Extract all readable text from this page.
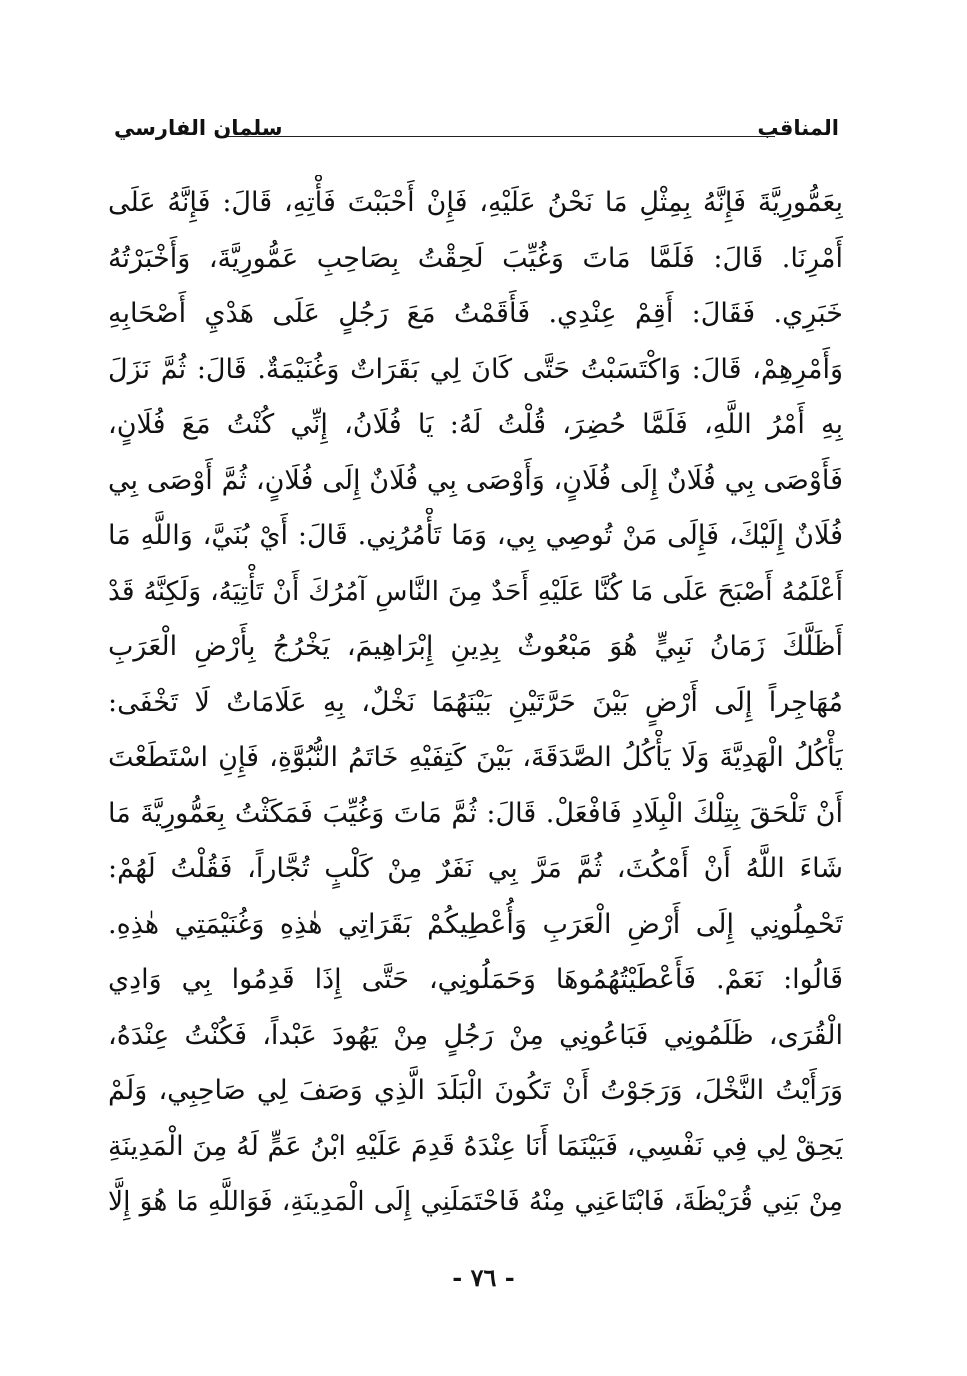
المناقب
سلمان الفارسي
بِعَمُّورِيَّةَ فَإِنَّهُ بِمِثْلِ مَا نَحْنُ عَلَيْهِ، فَإِنْ أَحْبَبْتَ فَأْتِهِ، قَالَ: فَإِنَّهُ عَلَى
أَمْرِنَا. قَالَ: فَلَمَّا مَاتَ وَغُيِّبَ لَحِقْتُ بِصَاحِبِ عَمُّورِيَّةَ، وَأَخْبَرْتُهُ
خَبَرِي. فَقَالَ: أَقِمْ عِنْدِي. فَأَقَمْتُ مَعَ رَجُلٍ عَلَى هَدْيِ أَصْحَابِهِ
وَأَمْرِهِمْ، قَالَ: وَاكْتَسَبْتُ حَتَّى كَانَ لِي بَقَرَاتٌ وَغُنَيْمَةٌ. قَالَ: ثُمَّ نَزَلَ
بِهِ أَمْرُ اللَّهِ، فَلَمَّا حُضِرَ، قُلْتُ لَهُ: يَا فُلَانُ، إِنِّي كُنْتُ مَعَ فُلَانٍ،
فَأَوْصَى بِي فُلَانٌ إِلَى فُلَانٍ، وَأَوْصَى بِي فُلَانٌ إِلَى فُلَانٍ، ثُمَّ أَوْصَى بِي
فُلَانٌ إِلَيْكَ، فَإِلَى مَنْ تُوصِي بِي، وَمَا تَأْمُرُنِي. قَالَ: أَيْ بُنَيَّ، وَاللَّهِ مَا
أَعْلَمُهُ أَصْبَحَ عَلَى مَا كُنَّا عَلَيْهِ أَحَدٌ مِنَ النَّاسِ آمُرُكَ أَنْ تَأْتِيَهُ، وَلَكِنَّهُ قَدْ
أَظَلَّكَ زَمَانُ نَبِيٍّ هُوَ مَبْعُوثٌ بِدِينِ إِبْرَاهِيمَ، يَخْرُجُ بِأَرْضِ الْعَرَبِ
مُهَاجِراً إِلَى أَرْضٍ بَيْنَ حَرَّتَيْنِ بَيْنَهُمَا نَخْلٌ، بِهِ عَلَامَاتٌ لَا تَخْفَى:
يَأْكُلُ الْهَدِيَّةَ وَلَا يَأْكُلُ الصَّدَقَةَ، بَيْنَ كَتِفَيْهِ خَاتَمُ النُّبُوَّةِ، فَإِنِ اسْتَطَعْتَ
أَنْ تَلْحَقَ بِتِلْكَ الْبِلَادِ فَافْعَلْ. قَالَ: ثُمَّ مَاتَ وَغُيِّبَ فَمَكَثْتُ بِعَمُّورِيَّةَ مَا
شَاءَ اللَّهُ أَنْ أَمْكُثَ، ثُمَّ مَرَّ بِي نَفَرٌ مِنْ كَلْبٍ تُجَّاراً، فَقُلْتُ لَهُمْ:
تَحْمِلُونِي إِلَى أَرْضِ الْعَرَبِ وَأُعْطِيكُمْ بَقَرَاتِي هٰذِهِ وَغُنَيْمَتِي هٰذِهِ.
قَالُوا: نَعَمْ. فَأَعْطَيْتُهُمُوهَا وَحَمَلُونِي، حَتَّى إِذَا قَدِمُوا بِي وَادِي
الْقُرَى، ظَلَمُونِي فَبَاعُونِي مِنْ رَجُلٍ مِنْ يَهُودَ عَبْداً، فَكُنْتُ عِنْدَهُ،
وَرَأَيْتُ النَّخْلَ، وَرَجَوْتُ أَنْ تَكُونَ الْبَلَدَ الَّذِي وَصَفَ لِي صَاحِبِي، وَلَمْ
يَحِقْ لِي فِي نَفْسِي، فَبَيْنَمَا أَنَا عِنْدَهُ قَدِمَ عَلَيْهِ ابْنُ عَمٍّ لَهُ مِنَ الْمَدِينَةِ
مِنْ بَنِي قُرَيْظَةَ، فَابْتَاعَنِي مِنْهُ فَاحْتَمَلَنِي إِلَى الْمَدِينَةِ، فَوَاللَّهِ مَا هُوَ إِلَّا
- ٧٦ -
